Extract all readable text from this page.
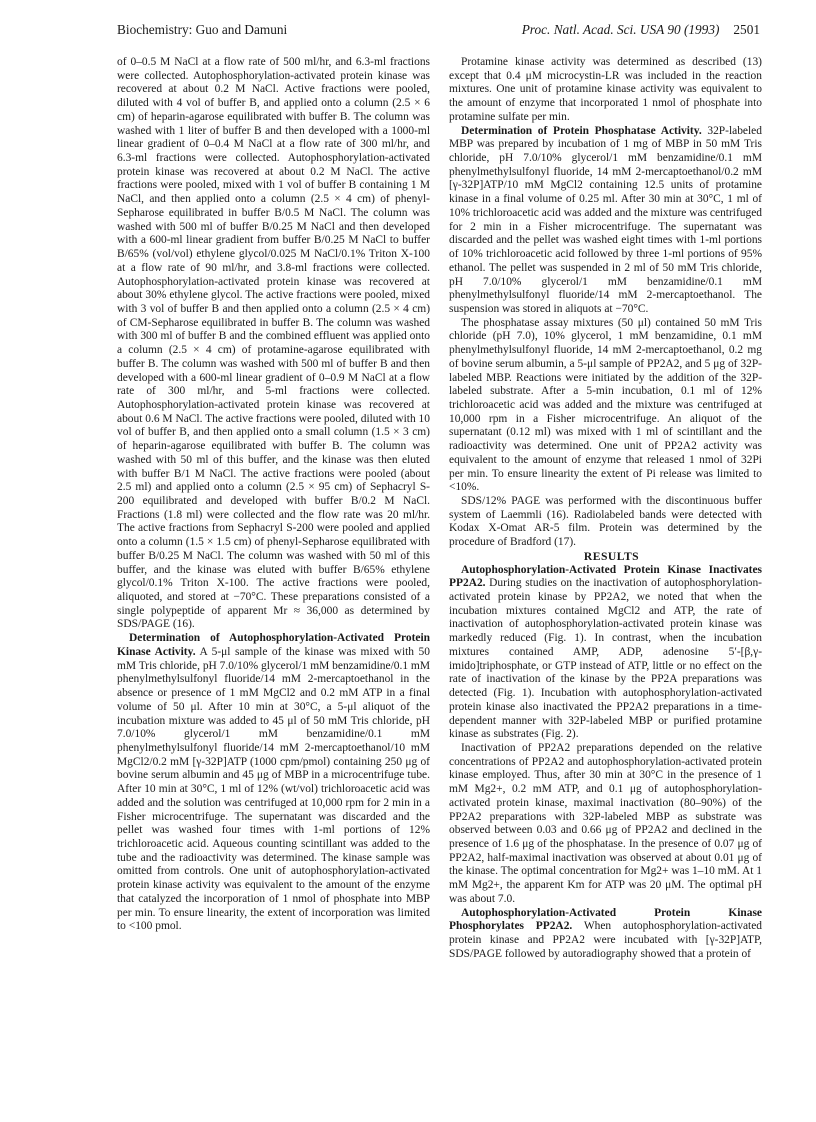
Biochemistry: Guo and Damuni	Proc. Natl. Acad. Sci. USA 90 (1993) 2501

of 0–0.5 M NaCl at a flow rate of 500 ml/hr, and 6.3-ml fractions were collected. Autophosphorylation-activated protein kinase was recovered at about 0.2 M NaCl. Active fractions were pooled, diluted with 4 vol of buffer B, and applied onto a column (2.5 × 6 cm) of heparin-agarose equilibrated with buffer B. The column was washed with 1 liter of buffer B and then developed with a 1000-ml linear gradient of 0–0.4 M NaCl at a flow rate of 300 ml/hr, and 6.3-ml fractions were collected. Autophosphorylation-activated protein kinase was recovered at about 0.2 M NaCl. The active fractions were pooled, mixed with 1 vol of buffer B containing 1 M NaCl, and then applied onto a column (2.5 × 4 cm) of phenyl-Sepharose equilibrated in buffer B/0.5 M NaCl. The column was washed with 500 ml of buffer B/0.25 M NaCl and then developed with a 600-ml linear gradient from buffer B/0.25 M NaCl to buffer B/65% (vol/vol) ethylene glycol/0.025 M NaCl/0.1% Triton X-100 at a flow rate of 90 ml/hr, and 3.8-ml fractions were collected. Autophosphorylation-activated protein kinase was recovered at about 30% ethylene glycol. The active fractions were pooled, mixed with 3 vol of buffer B and then applied onto a column (2.5 × 4 cm) of CM-Sepharose equilibrated in buffer B. The column was washed with 300 ml of buffer B and the combined effluent was applied onto a column (2.5 × 4 cm) of protamine-agarose equilibrated with buffer B. The column was washed with 500 ml of buffer B and then developed with a 600-ml linear gradient of 0–0.9 M NaCl at a flow rate of 300 ml/hr, and 5-ml fractions were collected. Autophosphorylation-activated protein kinase was recovered at about 0.6 M NaCl. The active fractions were pooled, diluted with 10 vol of buffer B, and then applied onto a small column (1.5 × 3 cm) of heparin-agarose equilibrated with buffer B. The column was washed with 50 ml of this buffer, and the kinase was then eluted with buffer B/1 M NaCl. The active fractions were pooled (about 2.5 ml) and applied onto a column (2.5 × 95 cm) of Sephacryl S-200 equilibrated and developed with buffer B/0.2 M NaCl. Fractions (1.8 ml) were collected and the flow rate was 20 ml/hr. The active fractions from Sephacryl S-200 were pooled and applied onto a column (1.5 × 1.5 cm) of phenyl-Sepharose equilibrated with buffer B/0.25 M NaCl. The column was washed with 50 ml of this buffer, and the kinase was eluted with buffer B/65% ethylene glycol/0.1% Triton X-100. The active fractions were pooled, aliquoted, and stored at −70°C. These preparations consisted of a single polypeptide of apparent Mr ≈ 36,000 as determined by SDS/PAGE (16).

Determination of Autophosphorylation-Activated Protein Kinase Activity. A 5-μl sample of the kinase was mixed with 50 mM Tris chloride, pH 7.0/10% glycerol/1 mM benzamidine/0.1 mM phenylmethylsulfonyl fluoride/14 mM 2-mercaptoethanol in the absence or presence of 1 mM MgCl2 and 0.2 mM ATP in a final volume of 50 μl. After 10 min at 30°C, a 5-μl aliquot of the incubation mixture was added to 45 μl of 50 mM Tris chloride, pH 7.0/10% glycerol/1 mM benzamidine/0.1 mM phenylmethylsulfonyl fluoride/14 mM 2-mercaptoethanol/10 mM MgCl2/0.2 mM [γ-32P]ATP (1000 cpm/pmol) containing 250 μg of bovine serum albumin and 45 μg of MBP in a microcentrifuge tube. After 10 min at 30°C, 1 ml of 12% (wt/vol) trichloroacetic acid was added and the solution was centrifuged at 10,000 rpm for 2 min in a Fisher microcentrifuge. The supernatant was discarded and the pellet was washed four times with 1-ml portions of 12% trichloroacetic acid. Aqueous counting scintillant was added to the tube and the radioactivity was determined. The kinase sample was omitted from controls. One unit of autophosphorylation-activated protein kinase activity was equivalent to the amount of the enzyme that catalyzed the incorporation of 1 nmol of phosphate into MBP per min. To ensure linearity, the extent of incorporation was limited to <100 pmol.

Protamine kinase activity was determined as described (13) except that 0.4 μM microcystin-LR was included in the reaction mixtures. One unit of protamine kinase activity was equivalent to the amount of enzyme that incorporated 1 nmol of phosphate into protamine sulfate per min.

Determination of Protein Phosphatase Activity. 32P-labeled MBP was prepared by incubation of 1 mg of MBP in 50 mM Tris chloride, pH 7.0/10% glycerol/1 mM benzamidine/0.1 mM phenylmethylsulfonyl fluoride, 14 mM 2-mercaptoethanol/0.2 mM [γ-32P]ATP/10 mM MgCl2 containing 12.5 units of protamine kinase in a final volume of 0.25 ml. After 30 min at 30°C, 1 ml of 10% trichloroacetic acid was added and the mixture was centrifuged for 2 min in a Fisher microcentrifuge. The supernatant was discarded and the pellet was washed eight times with 1-ml portions of 10% trichloroacetic acid followed by three 1-ml portions of 95% ethanol. The pellet was suspended in 2 ml of 50 mM Tris chloride, pH 7.0/10% glycerol/1 mM benzamidine/0.1 mM phenylmethylsulfonyl fluoride/14 mM 2-mercaptoethanol. The suspension was stored in aliquots at −70°C.

The phosphatase assay mixtures (50 μl) contained 50 mM Tris chloride (pH 7.0), 10% glycerol, 1 mM benzamidine, 0.1 mM phenylmethylsulfonyl fluoride, 14 mM 2-mercaptoethanol, 0.2 mg of bovine serum albumin, a 5-μl sample of PP2A2, and 5 μg of 32P-labeled MBP. Reactions were initiated by the addition of the 32P-labeled substrate. After a 5-min incubation, 0.1 ml of 12% trichloroacetic acid was added and the mixture was centrifuged at 10,000 rpm in a Fisher microcentrifuge. An aliquot of the supernatant (0.12 ml) was mixed with 1 ml of scintillant and the radioactivity was determined. One unit of PP2A2 activity was equivalent to the amount of enzyme that released 1 nmol of 32Pi per min. To ensure linearity the extent of Pi release was limited to <10%.

SDS/12% PAGE was performed with the discontinuous buffer system of Laemmli (16). Radiolabeled bands were detected with Kodax X-Omat AR-5 film. Protein was determined by the procedure of Bradford (17).

RESULTS

Autophosphorylation-Activated Protein Kinase Inactivates PP2A2. During studies on the inactivation of autophosphorylation-activated protein kinase by PP2A2, we noted that when the incubation mixtures contained MgCl2 and ATP, the rate of inactivation of autophosphorylation-activated protein kinase was markedly reduced (Fig. 1). In contrast, when the incubation mixtures contained AMP, ADP, adenosine 5′-[β,γ-imido]triphosphate, or GTP instead of ATP, little or no effect on the rate of inactivation of the kinase by the PP2A preparations was detected (Fig. 1). Incubation with autophosphorylation-activated protein kinase also inactivated the PP2A2 preparations in a time-dependent manner with 32P-labeled MBP or purified protamine kinase as substrates (Fig. 2).

Inactivation of PP2A2 preparations depended on the relative concentrations of PP2A2 and autophosphorylation-activated protein kinase employed. Thus, after 30 min at 30°C in the presence of 1 mM Mg2+, 0.2 mM ATP, and 0.1 μg of autophosphorylation-activated protein kinase, maximal inactivation (80–90%) of the PP2A2 preparations with 32P-labeled MBP as substrate was observed between 0.03 and 0.66 μg of PP2A2 and declined in the presence of 1.6 μg of the phosphatase. In the presence of 0.07 μg of PP2A2, half-maximal inactivation was observed at about 0.01 μg of the kinase. The optimal concentration for Mg2+ was 1–10 mM. At 1 mM Mg2+, the apparent Km for ATP was 20 μM. The optimal pH was about 7.0.

Autophosphorylation-Activated Protein Kinase Phosphorylates PP2A2. When autophosphorylation-activated protein kinase and PP2A2 were incubated with [γ-32P]ATP, SDS/PAGE followed by autoradiography showed that a protein of
